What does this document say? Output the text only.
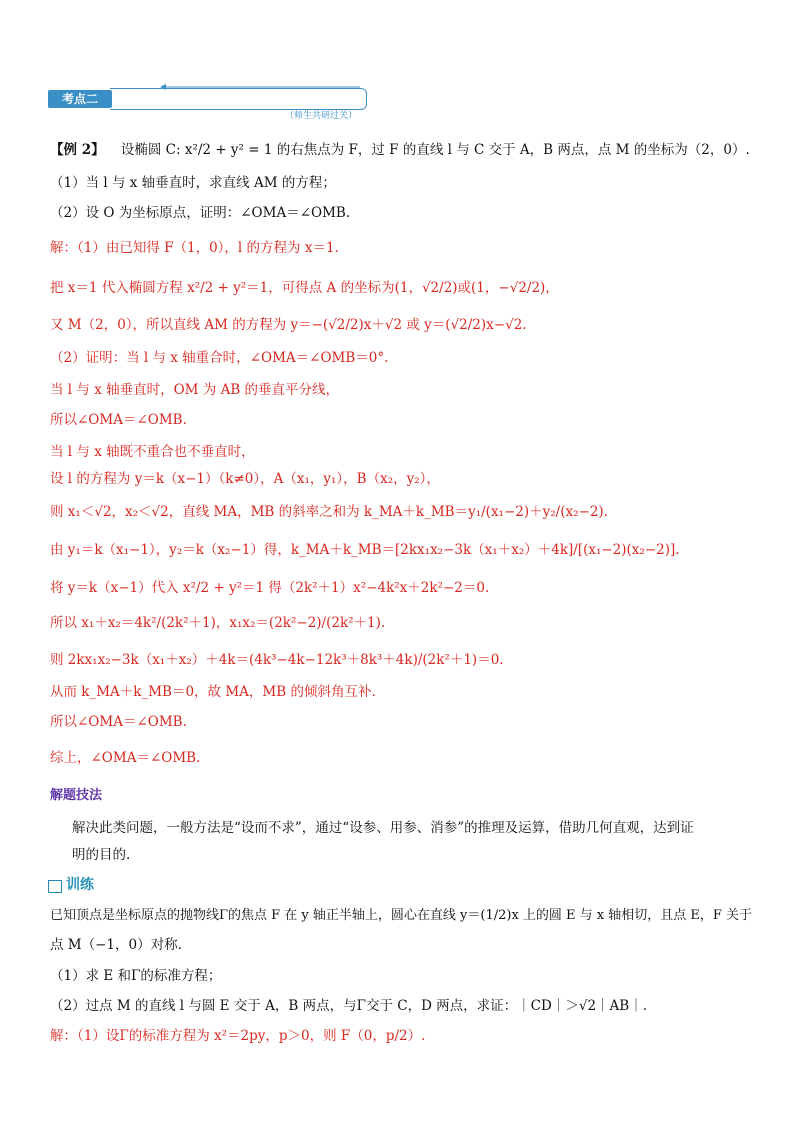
考点二
（师生共研过关）
【例 2】 设椭圆 C: x²/2 + y² = 1 的右焦点为 F，过 F 的直线 l 与 C 交于 A，B 两点，点 M 的坐标为（2，0）.
（1）当 l 与 x 轴垂直时，求直线 AM 的方程；
（2）设 O 为坐标原点，证明：∠OMA＝∠OMB.
解：（1）由已知得 F（1，0），l 的方程为 x＝1.
把 x＝1 代入椭圆方程 x²/2 + y²＝1，可得点 A 的坐标为(1，√2/2)或(1，−√2/2)，
又 M（2，0），所以直线 AM 的方程为 y＝−(√2/2)x＋√2 或 y＝(√2/2)x−√2.
（2）证明：当 l 与 x 轴重合时，∠OMA＝∠OMB＝0°.
当 l 与 x 轴垂直时，OM 为 AB 的垂直平分线，
所以∠OMA＝∠OMB.
当 l 与 x 轴既不重合也不垂直时，
设 l 的方程为 y＝k（x−1）（k≠0），A（x₁，y₁），B（x₂，y₂），
则 x₁＜√2，x₂＜√2，直线 MA，MB 的斜率之和为 k_MA＋k_MB＝y₁/(x₁−2)＋y₂/(x₂−2).
由 y₁＝k（x₁−1），y₂＝k（x₂−1）得，k_MA＋k_MB＝[2kx₁x₂−3k（x₁＋x₂）＋4k]/[(x₁−2)(x₂−2)].
将 y＝k（x−1）代入 x²/2 + y²＝1 得（2k²＋1）x²−4k²x＋2k²−2＝0.
所以 x₁＋x₂＝4k²/(2k²＋1)，x₁x₂＝(2k²−2)/(2k²＋1).
则 2kx₁x₂−3k（x₁＋x₂）＋4k＝(4k³−4k−12k³＋8k³＋4k)/(2k²＋1)＝0.
从而 k_MA＋k_MB＝0，故 MA，MB 的倾斜角互补.
所以∠OMA＝∠OMB.
综上，∠OMA＝∠OMB.
解题技法
解决此类问题，一般方法是“设而不求”，通过“设参、用参、消参”的推理及运算，借助几何直观，达到证
明的目的.
训练
已知顶点是坐标原点的抛物线Γ的焦点 F 在 y 轴正半轴上，圆心在直线 y＝(1/2)x 上的圆 E 与 x 轴相切，且点 E，F 关于
点 M（−1，0）对称.
（1）求 E 和Γ的标准方程；
（2）过点 M 的直线 l 与圆 E 交于 A，B 两点，与Γ交于 C，D 两点，求证：｜CD｜＞√2｜AB｜.
解：（1）设Γ的标准方程为 x²＝2py，p＞0，则 F（0，p/2）.
